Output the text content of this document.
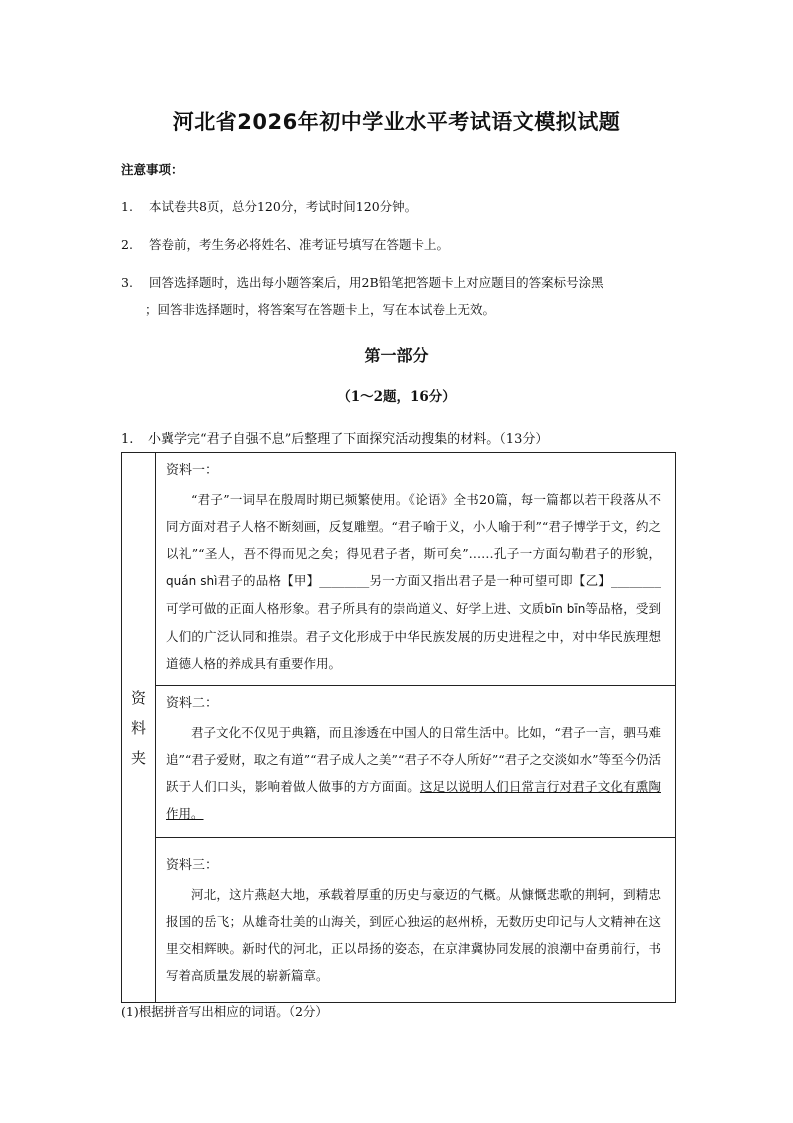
河北省2026年初中学业水平考试语文模拟试题
注意事项：
1.	本试卷共8页，总分120分，考试时间120分钟。
2.	答卷前，考生务必将姓名、准考证号填写在答题卡上。
3.	回答选择题时，选出每小题答案后，用2B铅笔把答题卡上对应题目的答案标号涂黑
；回答非选择题时，将答案写在答题卡上，写在本试卷上无效。
第一部分
（1～2题，16分）
1. 小冀学完“君子自强不息”后整理了下面探究活动搜集的材料。（13分）
资
料
夹

资料一：
“君子”一词早在殷周时期已频繁使用。《论语》全书20篇，每一篇都以若干段落从不同方面对君子人格不断刻画，反复雕塑。“君子喻于义，小人喻于利”“君子博学于文，约之以礼”“圣人，吾不得而见之矣；得见君子者，斯可矣”……孔子一方面勾勒君子的形貌，quán shì君子的品格【甲】________另一方面又指出君子是一种可望可即【乙】________可学可做的正面人格形象。君子所具有的崇尚道义、好学上进、文质bīn bīn等品格，受到人们的广泛认同和推崇。君子文化形成于中华民族发展的历史进程之中，对中华民族理想道德人格的养成具有重要作用。

资料二：
君子文化不仅见于典籍，而且渗透在中国人的日常生活中。比如，“君子一言，驷马难追”“君子爱财，取之有道”“君子成人之美”“君子不夺人所好”“君子之交淡如水”等至今仍活跃于人们口头，影响着做人做事的方方面面。这足以说明人们日常言行对君子文化有熏陶作用。

资料三：
河北，这片燕赵大地，承载着厚重的历史与豪迈的气概。从慷慨悲歌的荆轲，到精忠报国的岳飞；从雄奇壮美的山海关，到匠心独运的赵州桥，无数历史印记与人文精神在这里交相辉映。新时代的河北，正以昂扬的姿态，在京津冀协同发展的浪潮中奋勇前行，书写着高质量发展的崭新篇章。
(1)根据拼音写出相应的词语。（2分）
